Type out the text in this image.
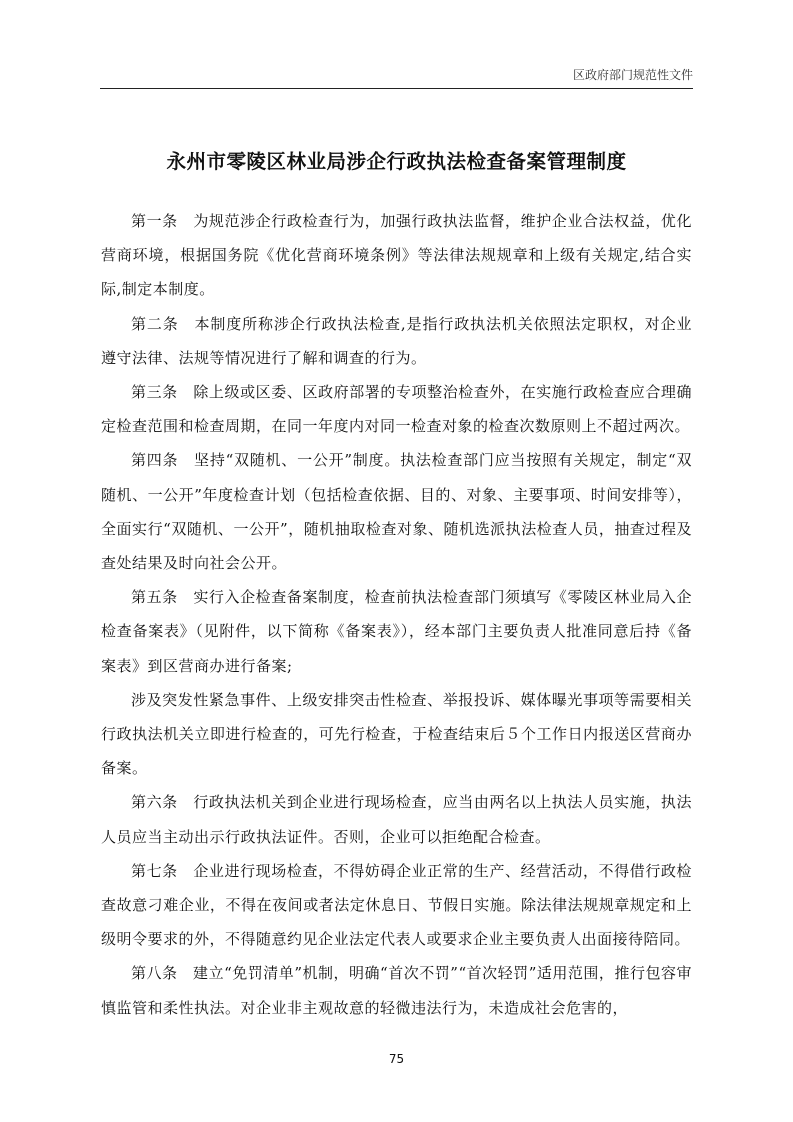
区政府部门规范性文件
永州市零陵区林业局涉企行政执法检查备案管理制度

第一条　为规范涉企行政检查行为，加强行政执法监督，维护企业合法权益，优化营商环境，根据国务院《优化营商环境条例》等法律法规规章和上级有关规定,结合实际,制定本制度。

第二条　本制度所称涉企行政执法检查,是指行政执法机关依照法定职权，对企业遵守法律、法规等情况进行了解和调查的行为。

第三条　除上级或区委、区政府部署的专项整治检查外，在实施行政检查应合理确定检查范围和检查周期，在同一年度内对同一检查对象的检查次数原则上不超过两次。

第四条　坚持“双随机、一公开”制度。执法检查部门应当按照有关规定，制定“双随机、一公开”年度检查计划（包括检查依据、目的、对象、主要事项、时间安排等），全面实行“双随机、一公开”，随机抽取检查对象、随机选派执法检查人员，抽查过程及查处结果及时向社会公开。

第五条　实行入企检查备案制度，检查前执法检查部门须填写《零陵区林业局入企检查备案表》（见附件，以下简称《备案表》），经本部门主要负责人批准同意后持《备案表》到区营商办进行备案;

涉及突发性紧急事件、上级安排突击性检查、举报投诉、媒体曝光事项等需要相关行政执法机关立即进行检查的，可先行检查，于检查结束后５个工作日内报送区营商办备案。

第六条　行政执法机关到企业进行现场检查，应当由两名以上执法人员实施，执法人员应当主动出示行政执法证件。否则，企业可以拒绝配合检查。

第七条　企业进行现场检查，不得妨碍企业正常的生产、经营活动，不得借行政检查故意刁难企业，不得在夜间或者法定休息日、节假日实施。除法律法规规章规定和上级明令要求的外，不得随意约见企业法定代表人或要求企业主要负责人出面接待陪同。

第八条　建立“免罚清单”机制，明确“首次不罚”“首次轻罚”适用范围，推行包容审慎监管和柔性执法。对企业非主观故意的轻微违法行为，未造成社会危害的，

75
